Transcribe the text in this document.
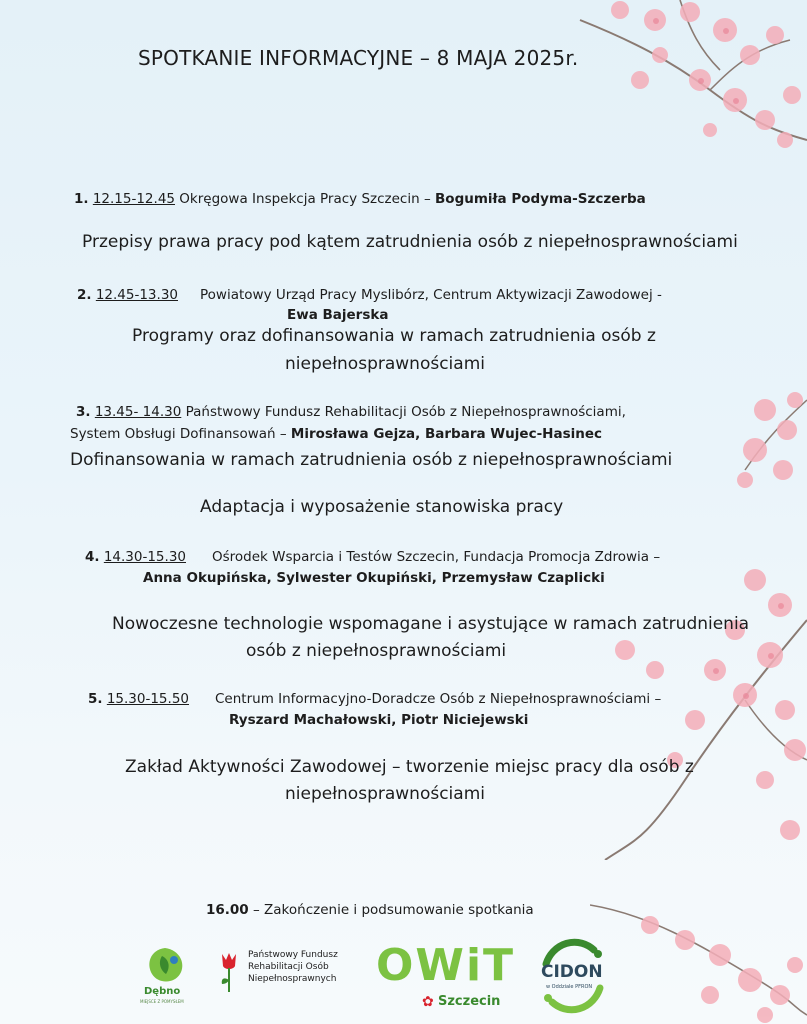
SPOTKANIE INFORMACYJNE – 8 MAJA 2025r.
1. 12.15-12.45 Okręgowa Inspekcja Pracy Szczecin – Bogumiła Podyma-Szczerba
Przepisy prawa pracy pod kątem zatrudnienia osób z niepełnosprawnościami
2. 12.45-13.30 Powiatowy Urząd Pracy Myslibórz, Centrum Aktywizacji Zawodowej -
Ewa Bajerska
Programy oraz dofinansowania w ramach zatrudnienia osób z
niepełnosprawnościami
3. 13.45- 14.30 Państwowy Fundusz Rehabilitacji Osób z Niepełnosprawnościami,
System Obsługi Dofinansowań – Mirosława Gejza, Barbara Wujec-Hasinec
Dofinansowania w ramach zatrudnienia osób z niepełnosprawnościami
Adaptacja i wyposażenie stanowiska pracy
4. 14.30-15.30 Ośrodek Wsparcia i Testów Szczecin, Fundacja Promocja Zdrowia –
Anna Okupińska, Sylwester Okupiński, Przemysław Czaplicki
Nowoczesne technologie wspomagane i asystujące w ramach zatrudnienia
osób z niepełnosprawnościami
5. 15.30-15.50 Centrum Informacyjno-Doradcze Osób z Niepełnosprawnościami –
Ryszard Machałowski, Piotr Niciejewski
Zakład Aktywności Zawodowej – tworzenie miejsc pracy dla osób z
niepełnosprawnościami
16.00 – Zakończenie i podsumowanie spotkania
Dębno
MIEJSCE Z POMYSŁEM
Państwowy Fundusz
Rehabilitacji Osób
Niepełnosprawnych OWiT
✿ Szczecin
CIDON
w Oddziale PFRON
